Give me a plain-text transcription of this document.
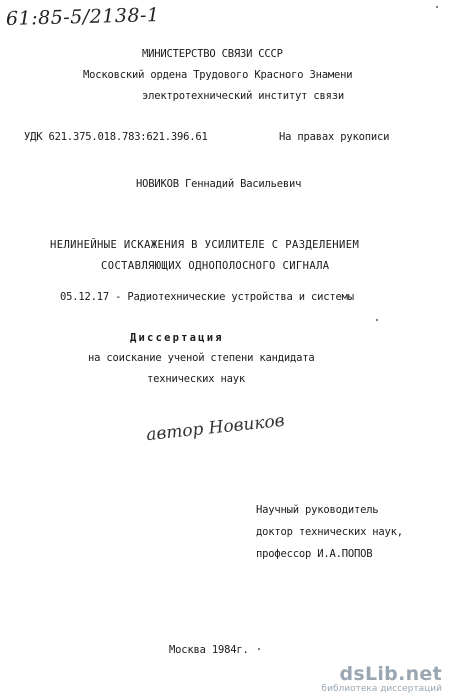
61:85-5/2138-1
МИНИСТЕРСТВО СВЯЗИ СССР
Московский ордена Трудового Красного Знамени
электротехнический институт связи
УДК 621.375.018.783:621.396.61	На правах рукописи
НОВИКОВ Геннадий Васильевич
НЕЛИНЕЙНЫЕ ИСКАЖЕНИЯ В УСИЛИТЕЛЕ С РАЗДЕЛЕНИЕМ
СОСТАВЛЯЮЩИХ ОДНОПОЛОСНОГО СИГНАЛА
05.12.17 - Радиотехнические устройства и системы
Диссертация
на соискание ученой степени кандидата
технических наук
автор Новиков
Научный руководитель
доктор технических наук,
профессор И.А.ПОПОВ
Москва 1984г.
dsLib.net
библиотека диссертаций
